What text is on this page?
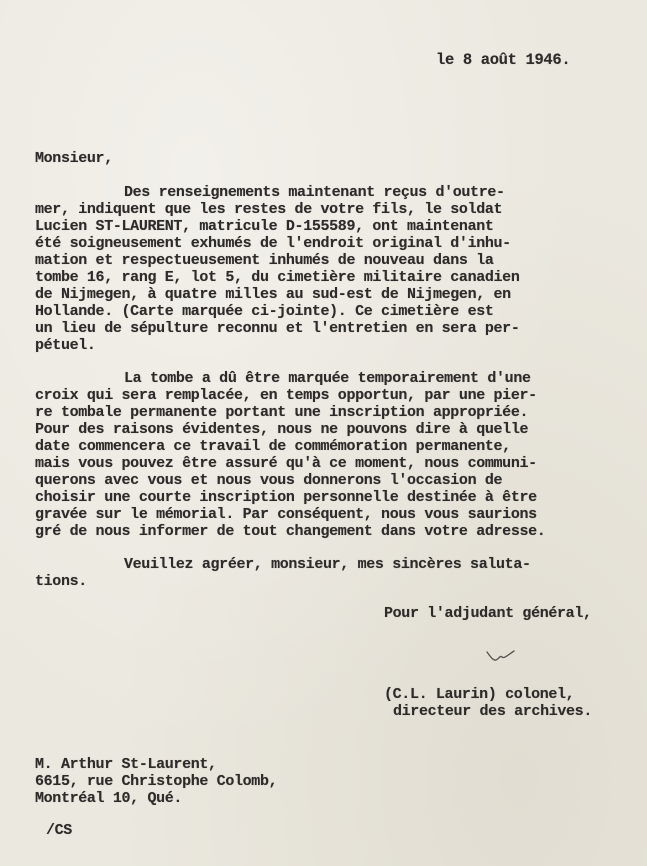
le 8 août 1946.
Monsieur,
Des renseignements maintenant reçus d'outre-
mer, indiquent que les restes de votre fils, le soldat
Lucien ST-LAURENT, matricule D-155589, ont maintenant
été soigneusement exhumés de l'endroit original d'inhu-
mation et respectueusement inhumés de nouveau dans la
tombe 16, rang E, lot 5, du cimetière militaire canadien
de Nijmegen, à quatre milles au sud-est de Nijmegen, en
Hollande. (Carte marquée ci-jointe). Ce cimetière est
un lieu de sépulture reconnu et l'entretien en sera per-
pétuel.
La tombe a dû être marquée temporairement d'une
croix qui sera remplacée, en temps opportun, par une pier-
re tombale permanente portant une inscription appropriée.
Pour des raisons évidentes, nous ne pouvons dire à quelle
date commencera ce travail de commémoration permanente,
mais vous pouvez être assuré qu'à ce moment, nous communi-
querons avec vous et nous vous donnerons l'occasion de
choisir une courte inscription personnelle destinée à être
gravée sur le mémorial. Par conséquent, nous vous saurions
gré de nous informer de tout changement dans votre adresse.
Veuillez agréer, monsieur, mes sincères saluta-
tions.
Pour l'adjudant général,
(C.L. Laurin) colonel,
directeur des archives.
M. Arthur St-Laurent,
6615, rue Christophe Colomb,
Montréal 10, Qué.
/CS
